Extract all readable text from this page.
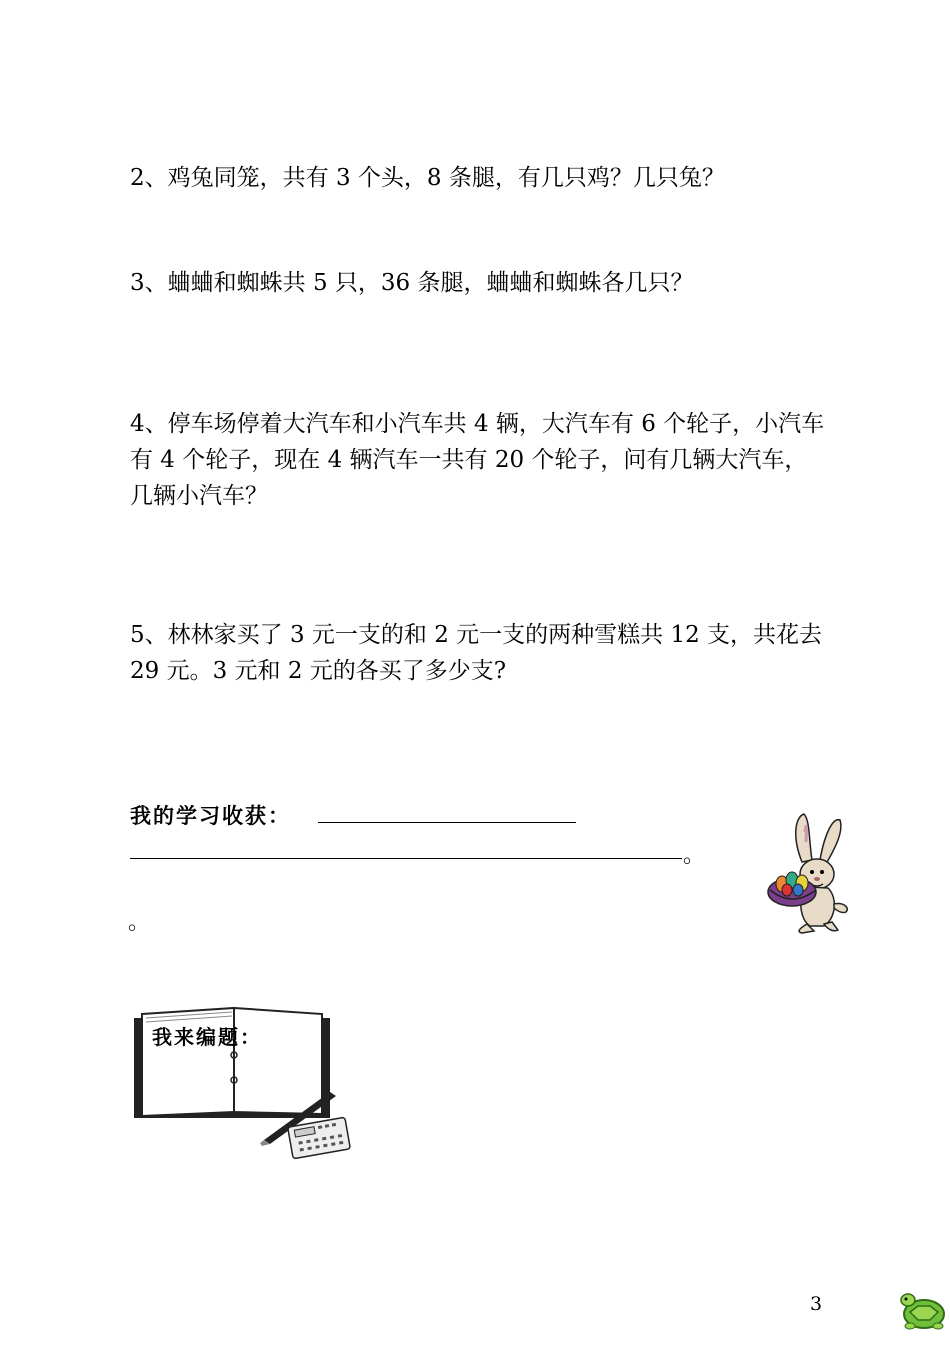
2、鸡兔同笼，共有 3 个头，8 条腿，有几只鸡？几只兔？

3、蛐蛐和蜘蛛共 5 只，36 条腿，蛐蛐和蜘蛛各几只？

4、停车场停着大汽车和小汽车共 4 辆，大汽车有 6 个轮子，小汽车有 4 个轮子，现在 4 辆汽车一共有 20 个轮子，问有几辆大汽车，几辆小汽车？

5、林林家买了 3 元一支的和 2 元一支的两种雪糕共 12 支，共花去 29 元。3 元和 2 元的各买了多少支?

我的学习收获：
。
。
我来编题：
3
